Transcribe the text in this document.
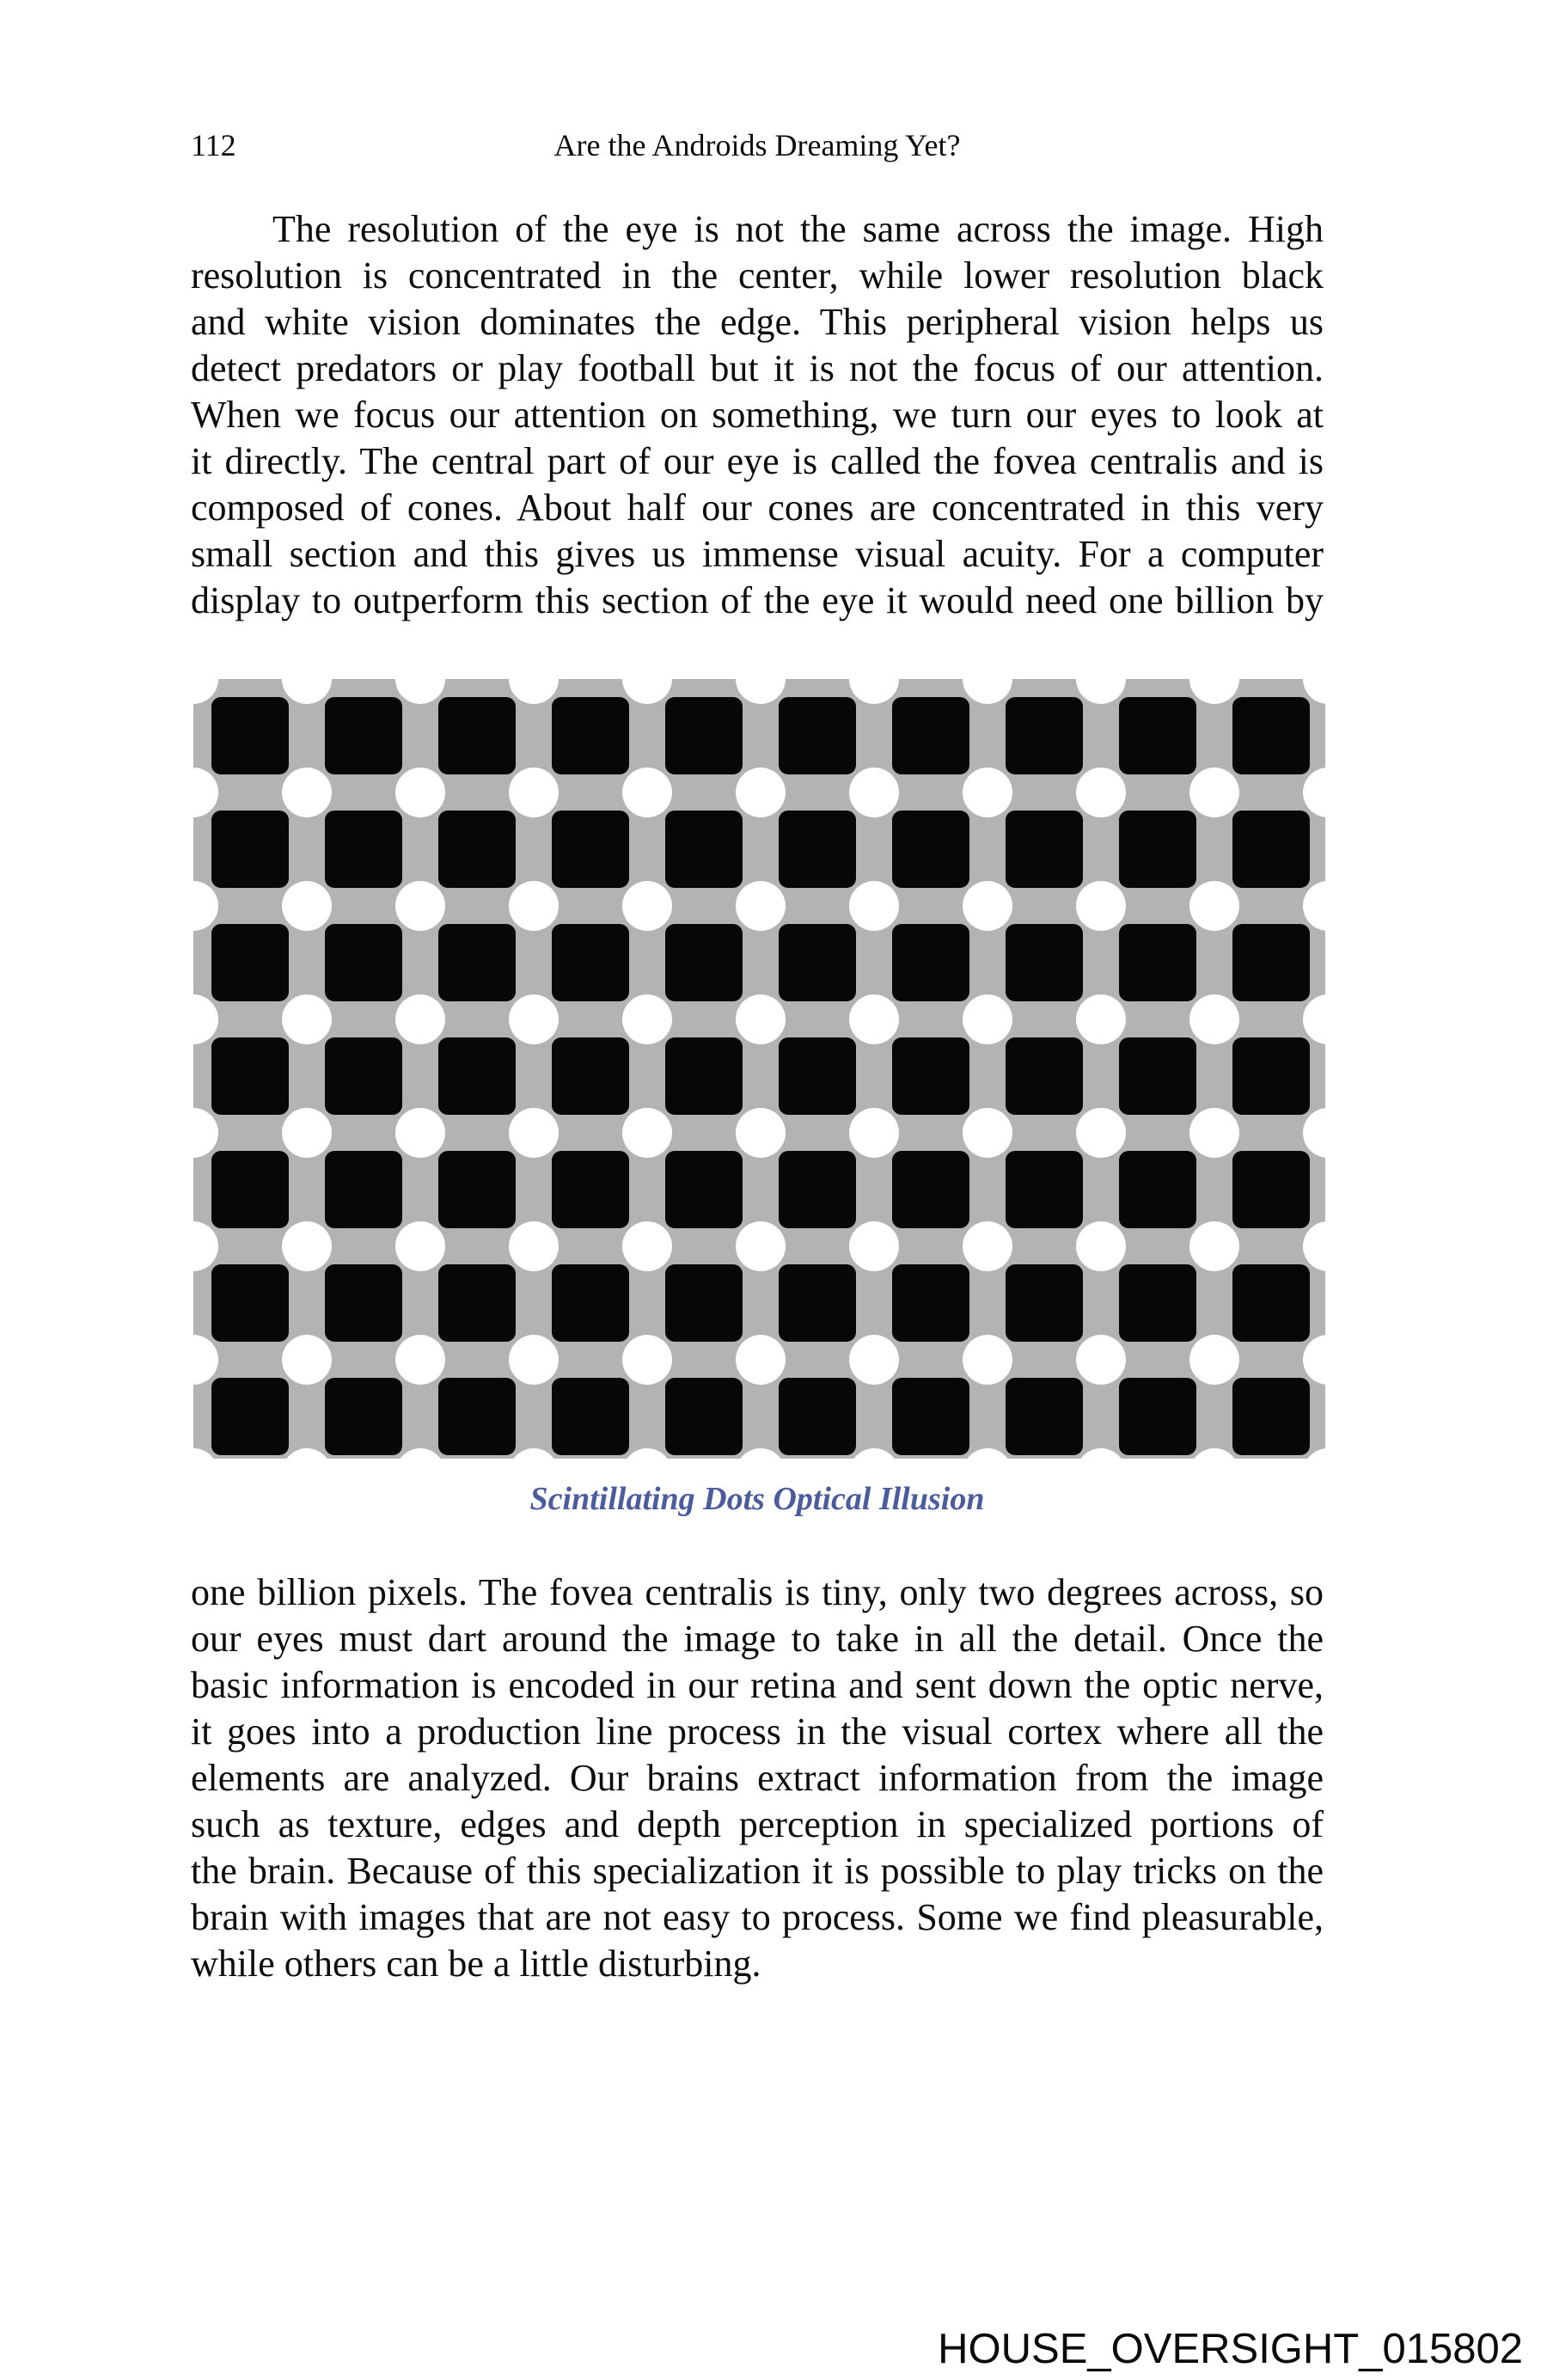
112	Are the Androids Dreaming Yet?
The resolution of the eye is not the same across the image. High
resolution is concentrated in the center, while lower resolution black
and white vision dominates the edge. This peripheral vision helps us
detect predators or play football but it is not the focus of our attention.
When we focus our attention on something, we turn our eyes to look at
it directly. The central part of our eye is called the fovea centralis and is
composed of cones. About half our cones are concentrated in this very
small section and this gives us immense visual acuity. For a computer
display to outperform this section of the eye it would need one billion by
Scintillating Dots Optical Illusion
one billion pixels. The fovea centralis is tiny, only two degrees across, so
our eyes must dart around the image to take in all the detail. Once the
basic information is encoded in our retina and sent down the optic nerve,
it goes into a production line process in the visual cortex where all the
elements are analyzed. Our brains extract information from the image
such as texture, edges and depth perception in specialized portions of
the brain. Because of this specialization it is possible to play tricks on the
brain with images that are not easy to process. Some we find pleasurable,
while others can be a little disturbing.
HOUSE_OVERSIGHT_015802
